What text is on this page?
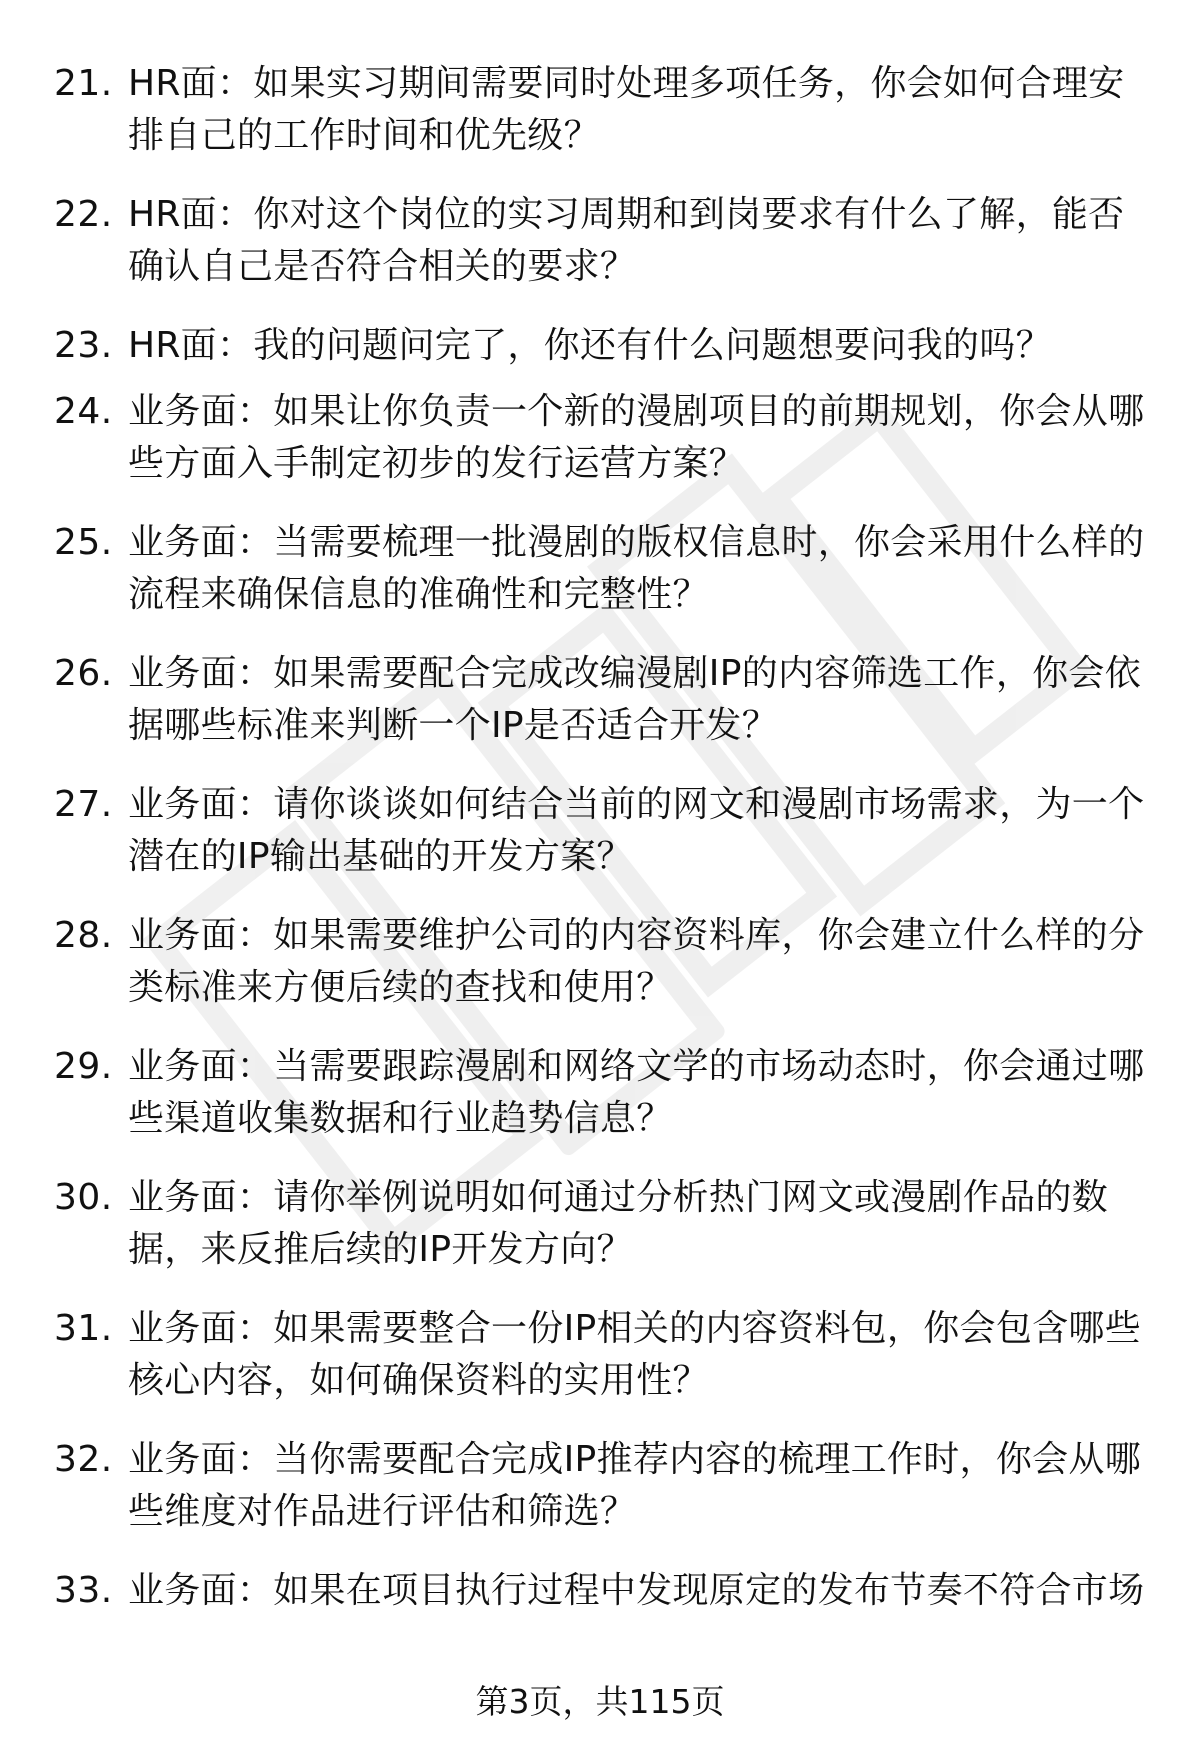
21. HR面：如果实习期间需要同时处理多项任务，你会如何合理安排自己的工作时间和优先级？
22. HR面：你对这个岗位的实习周期和到岗要求有什么了解，能否确认自己是否符合相关的要求？
23. HR面：我的问题问完了，你还有什么问题想要问我的吗？
24. 业务面：如果让你负责一个新的漫剧项目的前期规划，你会从哪些方面入手制定初步的发行运营方案？
25. 业务面：当需要梳理一批漫剧的版权信息时，你会采用什么样的流程来确保信息的准确性和完整性？
26. 业务面：如果需要配合完成改编漫剧IP的内容筛选工作，你会依据哪些标准来判断一个IP是否适合开发？
27. 业务面：请你谈谈如何结合当前的网文和漫剧市场需求，为一个潜在的IP输出基础的开发方案？
28. 业务面：如果需要维护公司的内容资料库，你会建立什么样的分类标准来方便后续的查找和使用？
29. 业务面：当需要跟踪漫剧和网络文学的市场动态时，你会通过哪些渠道收集数据和行业趋势信息？
30. 业务面：请你举例说明如何通过分析热门网文或漫剧作品的数据，来反推后续的IP开发方向？
31. 业务面：如果需要整合一份IP相关的内容资料包，你会包含哪些核心内容，如何确保资料的实用性？
32. 业务面：当你需要配合完成IP推荐内容的梳理工作时，你会从哪些维度对作品进行评估和筛选？
33. 业务面：如果在项目执行过程中发现原定的发布节奏不符合市场
第3页，共115页
